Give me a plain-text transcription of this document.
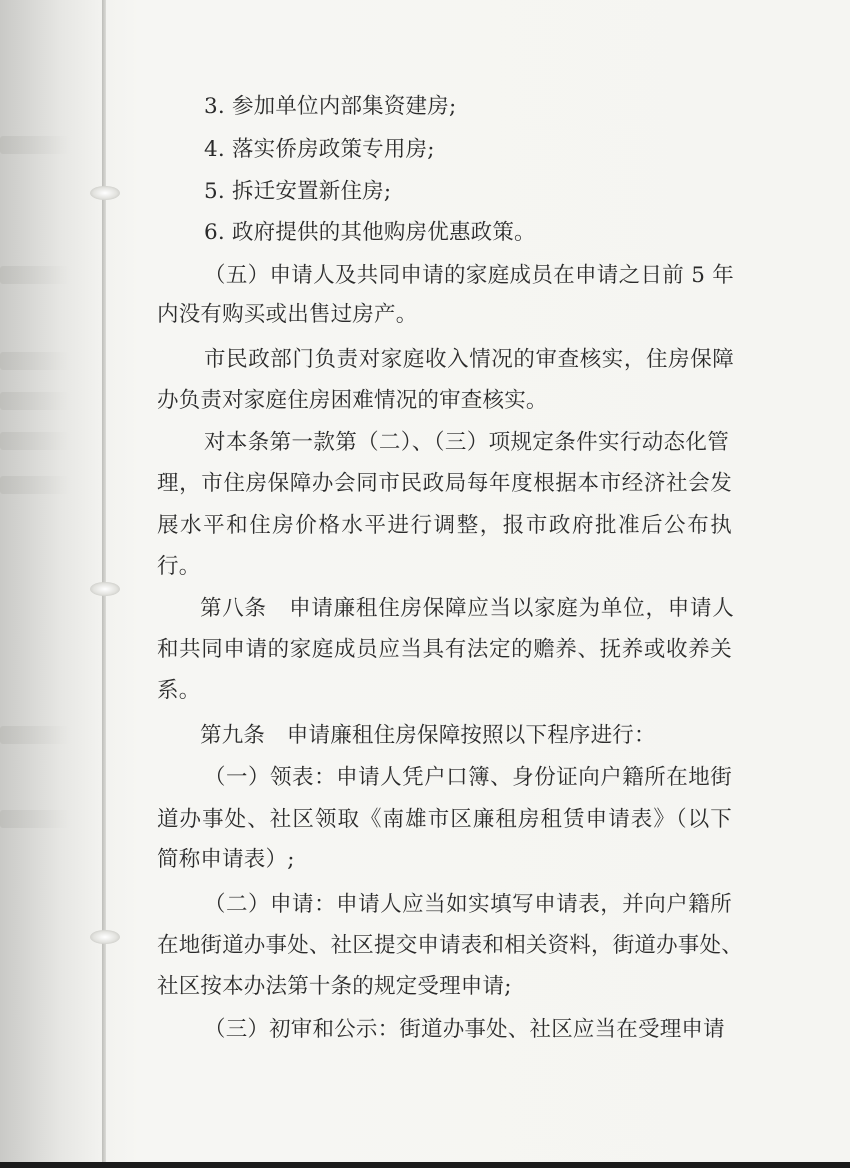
3. 参加单位内部集资建房;
4. 落实侨房政策专用房;
5. 拆迁安置新住房;
6. 政府提供的其他购房优惠政策。
（五）申请人及共同申请的家庭成员在申请之日前 5 年
内没有购买或出售过房产。
市民政部门负责对家庭收入情况的审查核实，住房保障
办负责对家庭住房困难情况的审查核实。
对本条第一款第（二）、（三）项规定条件实行动态化管
理，市住房保障办会同市民政局每年度根据本市经济社会发
展水平和住房价格水平进行调整，报市政府批准后公布执
行。
第八条　申请廉租住房保障应当以家庭为单位，申请人
和共同申请的家庭成员应当具有法定的赡养、抚养或收养关
系。
第九条　申请廉租住房保障按照以下程序进行：
（一）领表：申请人凭户口簿、身份证向户籍所在地街
道办事处、社区领取《南雄市区廉租房租赁申请表》（以下
简称申请表）;
（二）申请：申请人应当如实填写申请表，并向户籍所
在地街道办事处、社区提交申请表和相关资料，街道办事处、
社区按本办法第十条的规定受理申请;
（三）初审和公示：街道办事处、社区应当在受理申请
